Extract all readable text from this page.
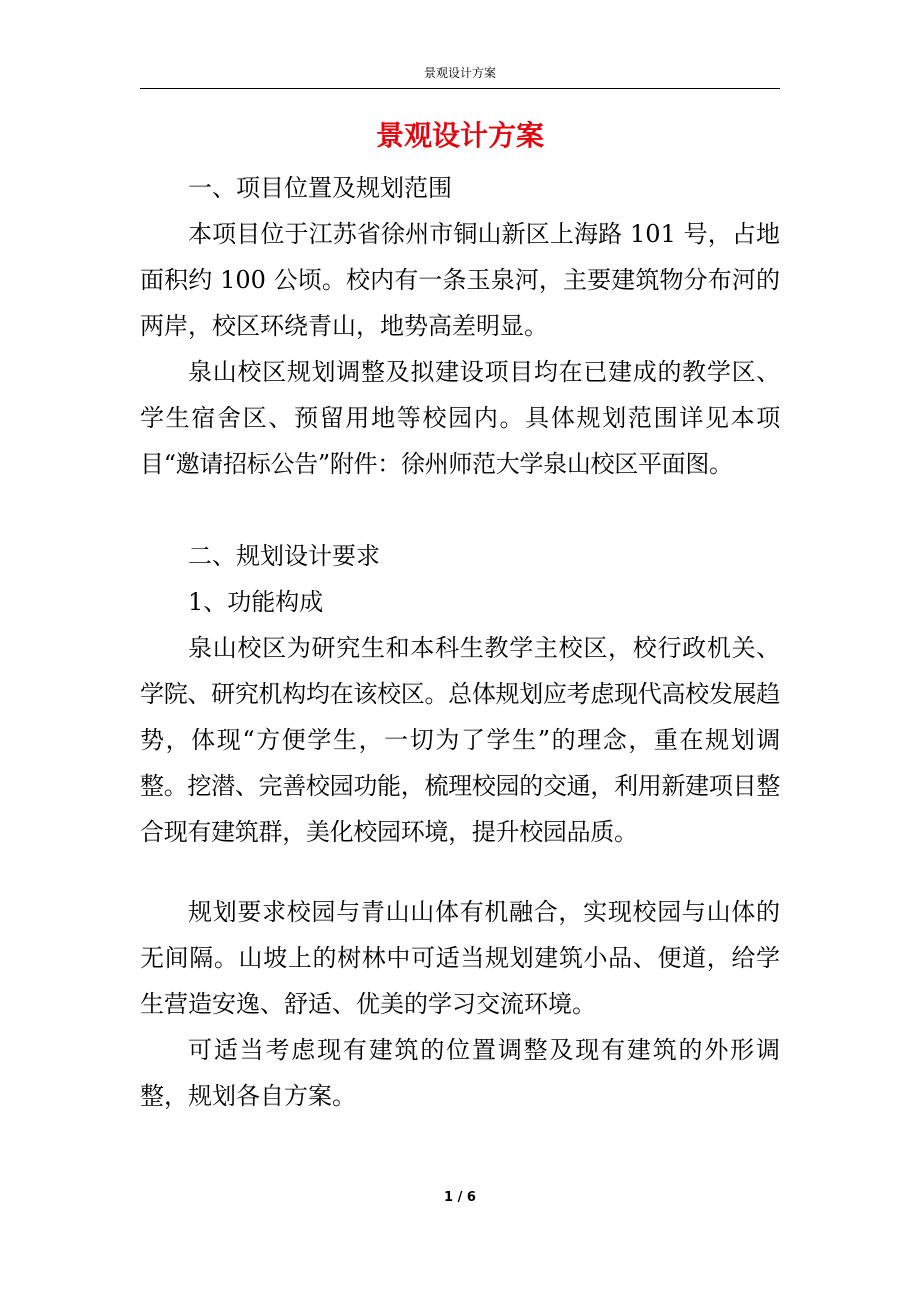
景观设计方案
景观设计方案

一、项目位置及规划范围

本项目位于江苏省徐州市铜山新区上海路 101 号，占地面积约 100 公顷。校内有一条玉泉河，主要建筑物分布河的两岸，校区环绕青山，地势高差明显。

泉山校区规划调整及拟建设项目均在已建成的教学区、学生宿舍区、预留用地等校园内。具体规划范围详见本项目“邀请招标公告”附件：徐州师范大学泉山校区平面图。

二、规划设计要求

1、功能构成

泉山校区为研究生和本科生教学主校区，校行政机关、学院、研究机构均在该校区。总体规划应考虑现代高校发展趋势，体现“方便学生，一切为了学生”的理念，重在规划调整。挖潜、完善校园功能，梳理校园的交通，利用新建项目整合现有建筑群，美化校园环境，提升校园品质。

规划要求校园与青山山体有机融合，实现校园与山体的无间隔。山坡上的树林中可适当规划建筑小品、便道，给学生营造安逸、舒适、优美的学习交流环境。

可适当考虑现有建筑的位置调整及现有建筑的外形调整，规划各自方案。

1 / 6
